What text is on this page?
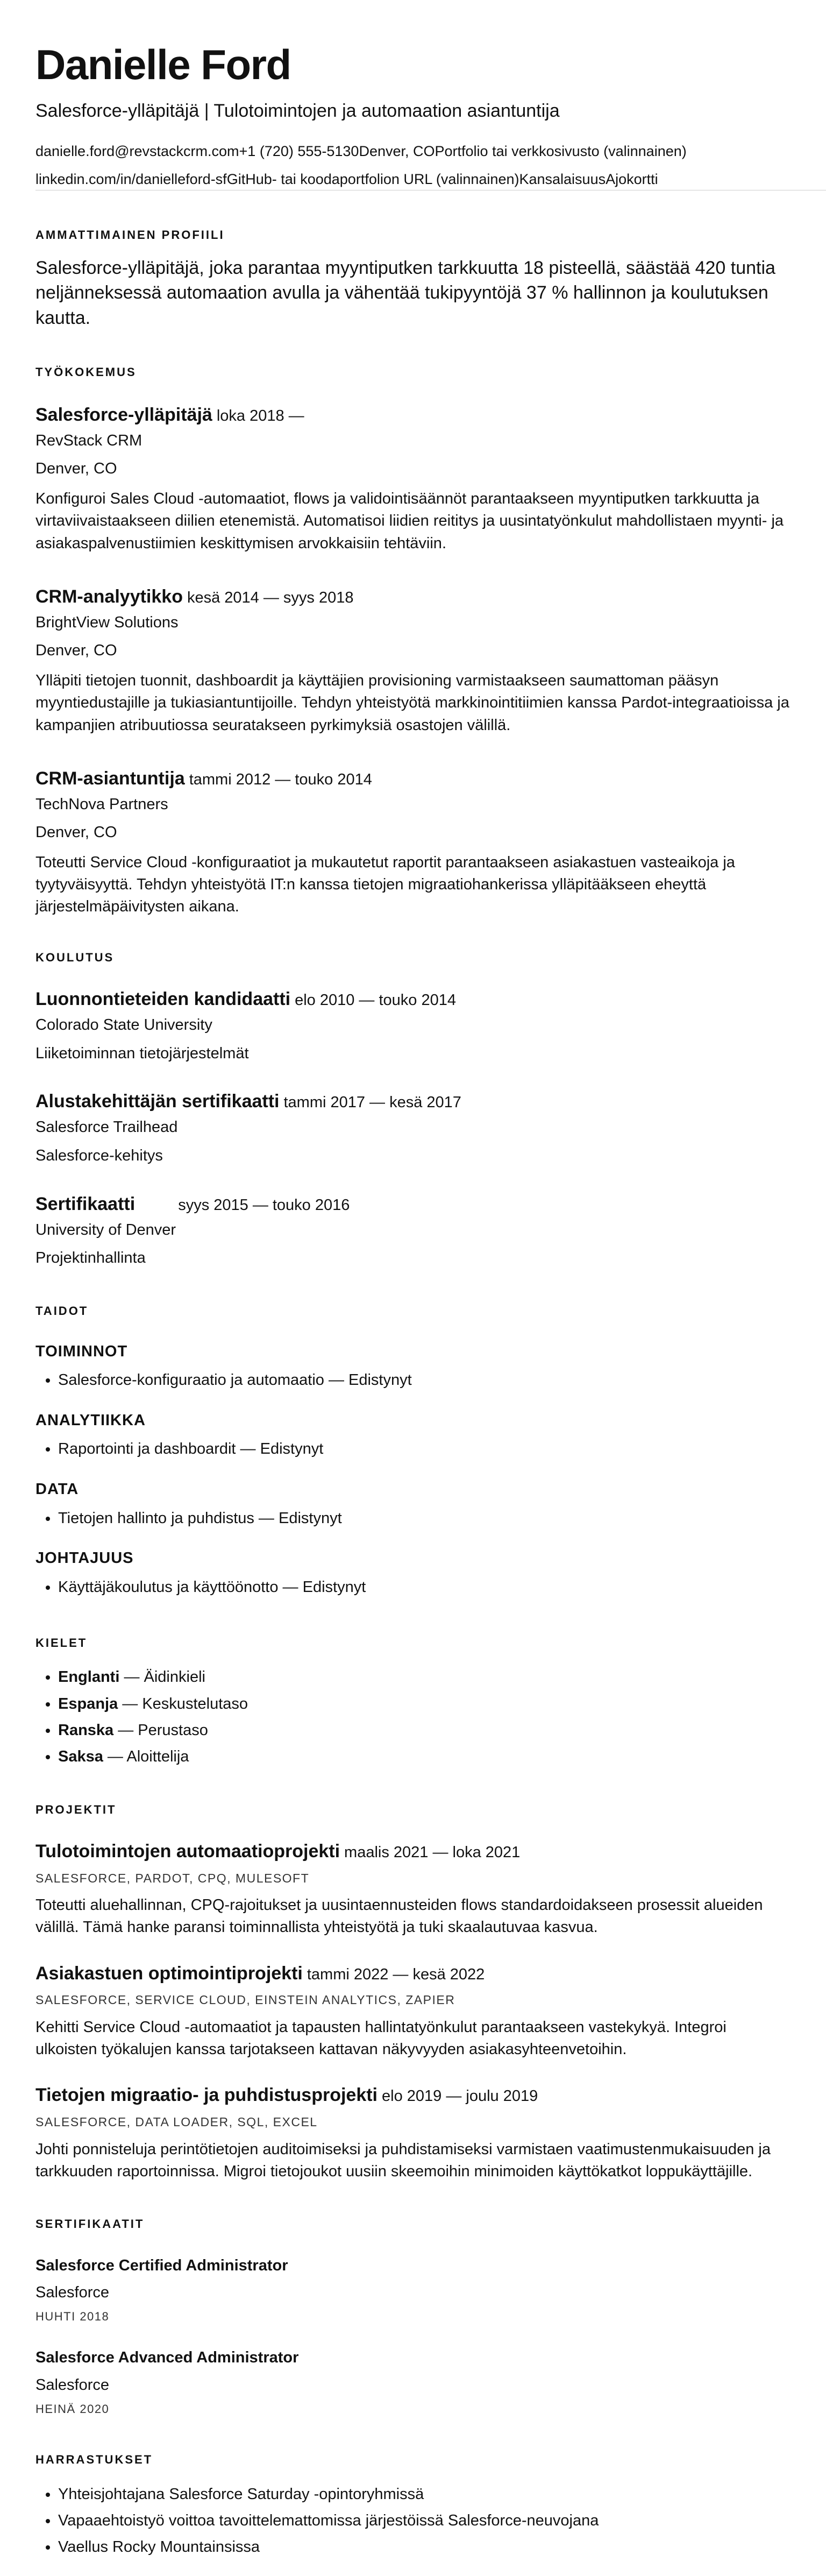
Danielle Ford
Salesforce-ylläpitäjä | Tulotoimintojen ja automaation asiantuntija
danielle.ford@revstackcrm.com+1 (720) 555-5130Denver, COPortfolio tai verkkosivusto (valinnainen)
linkedin.com/in/danielleford-sfGitHub- tai koodaportfolion URL (valinnainen)KansalaisuusAjokortti
AMMATTIMAINEN PROFIILI
Salesforce-ylläpitäjä, joka parantaa myyntiputken tarkkuutta 18 pisteellä, säästää 420 tuntia neljänneksessä automaation avulla ja vähentää tukipyyntöjä 37 % hallinnon ja koulutuksen kautta.
TYÖKOKEMUS
Salesforce-ylläpitäjä loka 2018 —
RevStack CRM
Denver, CO
Konfiguroi Sales Cloud -automaatiot, flows ja validointisäännöt parantaakseen myyntiputken tarkkuutta ja virtaviivaistaakseen diilien etenemistä. Automatisoi liidien reititys ja uusintatyönkulut mahdollistaen myynti- ja asiakaspalvenustiimien keskittymisen arvokkaisiin tehtäviin.
CRM-analyytikko kesä 2014 — syys 2018
BrightView Solutions
Denver, CO
Ylläpiti tietojen tuonnit, dashboardit ja käyttäjien provisioning varmistaakseen saumattoman pääsyn myyntiedustajille ja tukiasiantuntijoille. Tehdyn yhteistyötä markkinointitiimien kanssa Pardot-integraatioissa ja kampanjien atribuutiossa seuratakseen pyrkimyksiä osastojen välillä.
CRM-asiantuntija tammi 2012 — touko 2014
TechNova Partners
Denver, CO
Toteutti Service Cloud -konfiguraatiot ja mukautetut raportit parantaakseen asiakastuen vasteaikoja ja tyytyväisyyttä. Tehdyn yhteistyötä IT:n kanssa tietojen migraatiohankerissa ylläpitääkseen eheyttä järjestelmäpäivitysten aikana.
KOULUTUS
Luonnontieteiden kandidaatti elo 2010 — touko 2014
Colorado State University
Liiketoiminnan tietojärjestelmät
Alustakehittäjän sertifikaatti tammi 2017 — kesä 2017
Salesforce Trailhead
Salesforce-kehitys
Sertifikaatti	syys 2015 — touko 2016
University of Denver
Projektinhallinta
TAIDOT
TOIMINNOT
• Salesforce-konfiguraatio ja automaatio — Edistynyt
ANALYTIIKKA
• Raportointi ja dashboardit — Edistynyt
DATA
• Tietojen hallinto ja puhdistus — Edistynyt
JOHTAJUUS
• Käyttäjäkoulutus ja käyttöönotto — Edistynyt
KIELET
• Englanti — Äidinkieli
• Espanja — Keskustelutaso
• Ranska — Perustaso
• Saksa — Aloittelija
PROJEKTIT
Tulotoimintojen automaatioprojekti maalis 2021 — loka 2021
SALESFORCE, PARDOT, CPQ, MULESOFT
Toteutti aluehallinnan, CPQ-rajoitukset ja uusintaennusteiden flows standardoidakseen prosessit alueiden välillä. Tämä hanke paransi toiminnallista yhteistyötä ja tuki skaalautuvaa kasvua.
Asiakastuen optimointiprojekti tammi 2022 — kesä 2022
SALESFORCE, SERVICE CLOUD, EINSTEIN ANALYTICS, ZAPIER
Kehitti Service Cloud -automaatiot ja tapausten hallintatyönkulut parantaakseen vastekykyä. Integroi ulkoisten työkalujen kanssa tarjotakseen kattavan näkyvyyden asiakasyhteenvetoihin.
Tietojen migraatio- ja puhdistusprojekti elo 2019 — joulu 2019
SALESFORCE, DATA LOADER, SQL, EXCEL
Johti ponnisteluja perintötietojen auditoimiseksi ja puhdistamiseksi varmistaen vaatimustenmukaisuuden ja tarkkuuden raportoinnissa. Migroi tietojoukot uusiin skeemoihin minimoiden käyttökatkot loppukäyttäjille.
SERTIFIKAATIT
Salesforce Certified Administrator
Salesforce
HUHTI 2018
Salesforce Advanced Administrator
Salesforce
HEINÄ 2020
HARRASTUKSET
• Yhteisjohtajana Salesforce Saturday -opintoryhmissä
• Vapaaehtoistyö voittoa tavoittelemattomissa järjestöissä Salesforce-neuvojana
• Vaellus Rocky Mountainsissa
